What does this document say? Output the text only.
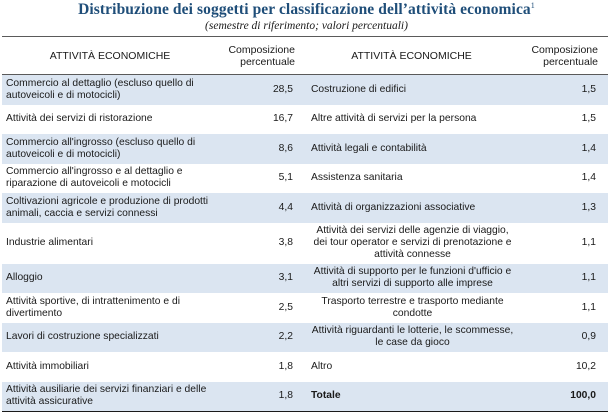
Distribuzione dei soggetti per classificazione dell’attività economica$^1$
(semestre di riferimento; valori percentuali)
ATTIVITÀ ECONOMICHE	Composizione percentuale	ATTIVITÀ ECONOMICHE	Composizione percentuale
Commercio al dettaglio (escluso quello di autoveicoli e di motocicli)	28,5	Costruzione di edifici	1,5
Attività dei servizi di ristorazione	16,7	Altre attività di servizi per la persona	1,5
Commercio all'ingrosso (escluso quello di autoveicoli e di motocicli)	8,6	Attività legali e contabilità	1,4
Commercio all'ingrosso e al dettaglio e riparazione di autoveicoli e motocicli	5,1	Assistenza sanitaria	1,4
Coltivazioni agricole e produzione di prodotti animali, caccia e servizi connessi	4,4	Attività di organizzazioni associative	1,3
Industrie alimentari	3,8	Attività dei servizi delle agenzie di viaggio, dei tour operator e servizi di prenotazione e attività connesse	1,1
Alloggio	3,1	Attività di supporto per le funzioni d'ufficio e altri servizi di supporto alle imprese	1,1
Attività sportive, di intrattenimento e di divertimento	2,5	Trasporto terrestre e trasporto mediante condotte	1,1
Lavori di costruzione specializzati	2,2	Attività riguardanti le lotterie, le scommesse, le case da gioco	0,9
Attività immobiliari	1,8	Altro	10,2
Attività ausiliarie dei servizi finanziari e delle attività assicurative	1,8	Totale	100,0
